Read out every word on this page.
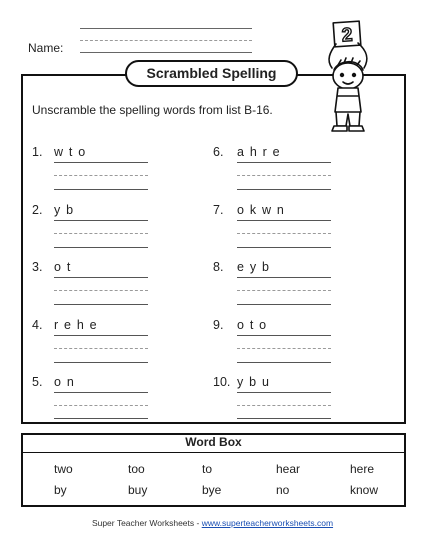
Name:
Scrambled Spelling
Unscramble the spelling words from list B-16.
2
1. w t o
2. y b
3. o t
4. r e h e
5. o n
6. a h r e
7. o k w n
8. e y b
9. o t o
10. y b u
Word Box
two	too	to	hear	here
by	buy	bye	no	know
Super Teacher Worksheets - www.superteacherworksheets.com
